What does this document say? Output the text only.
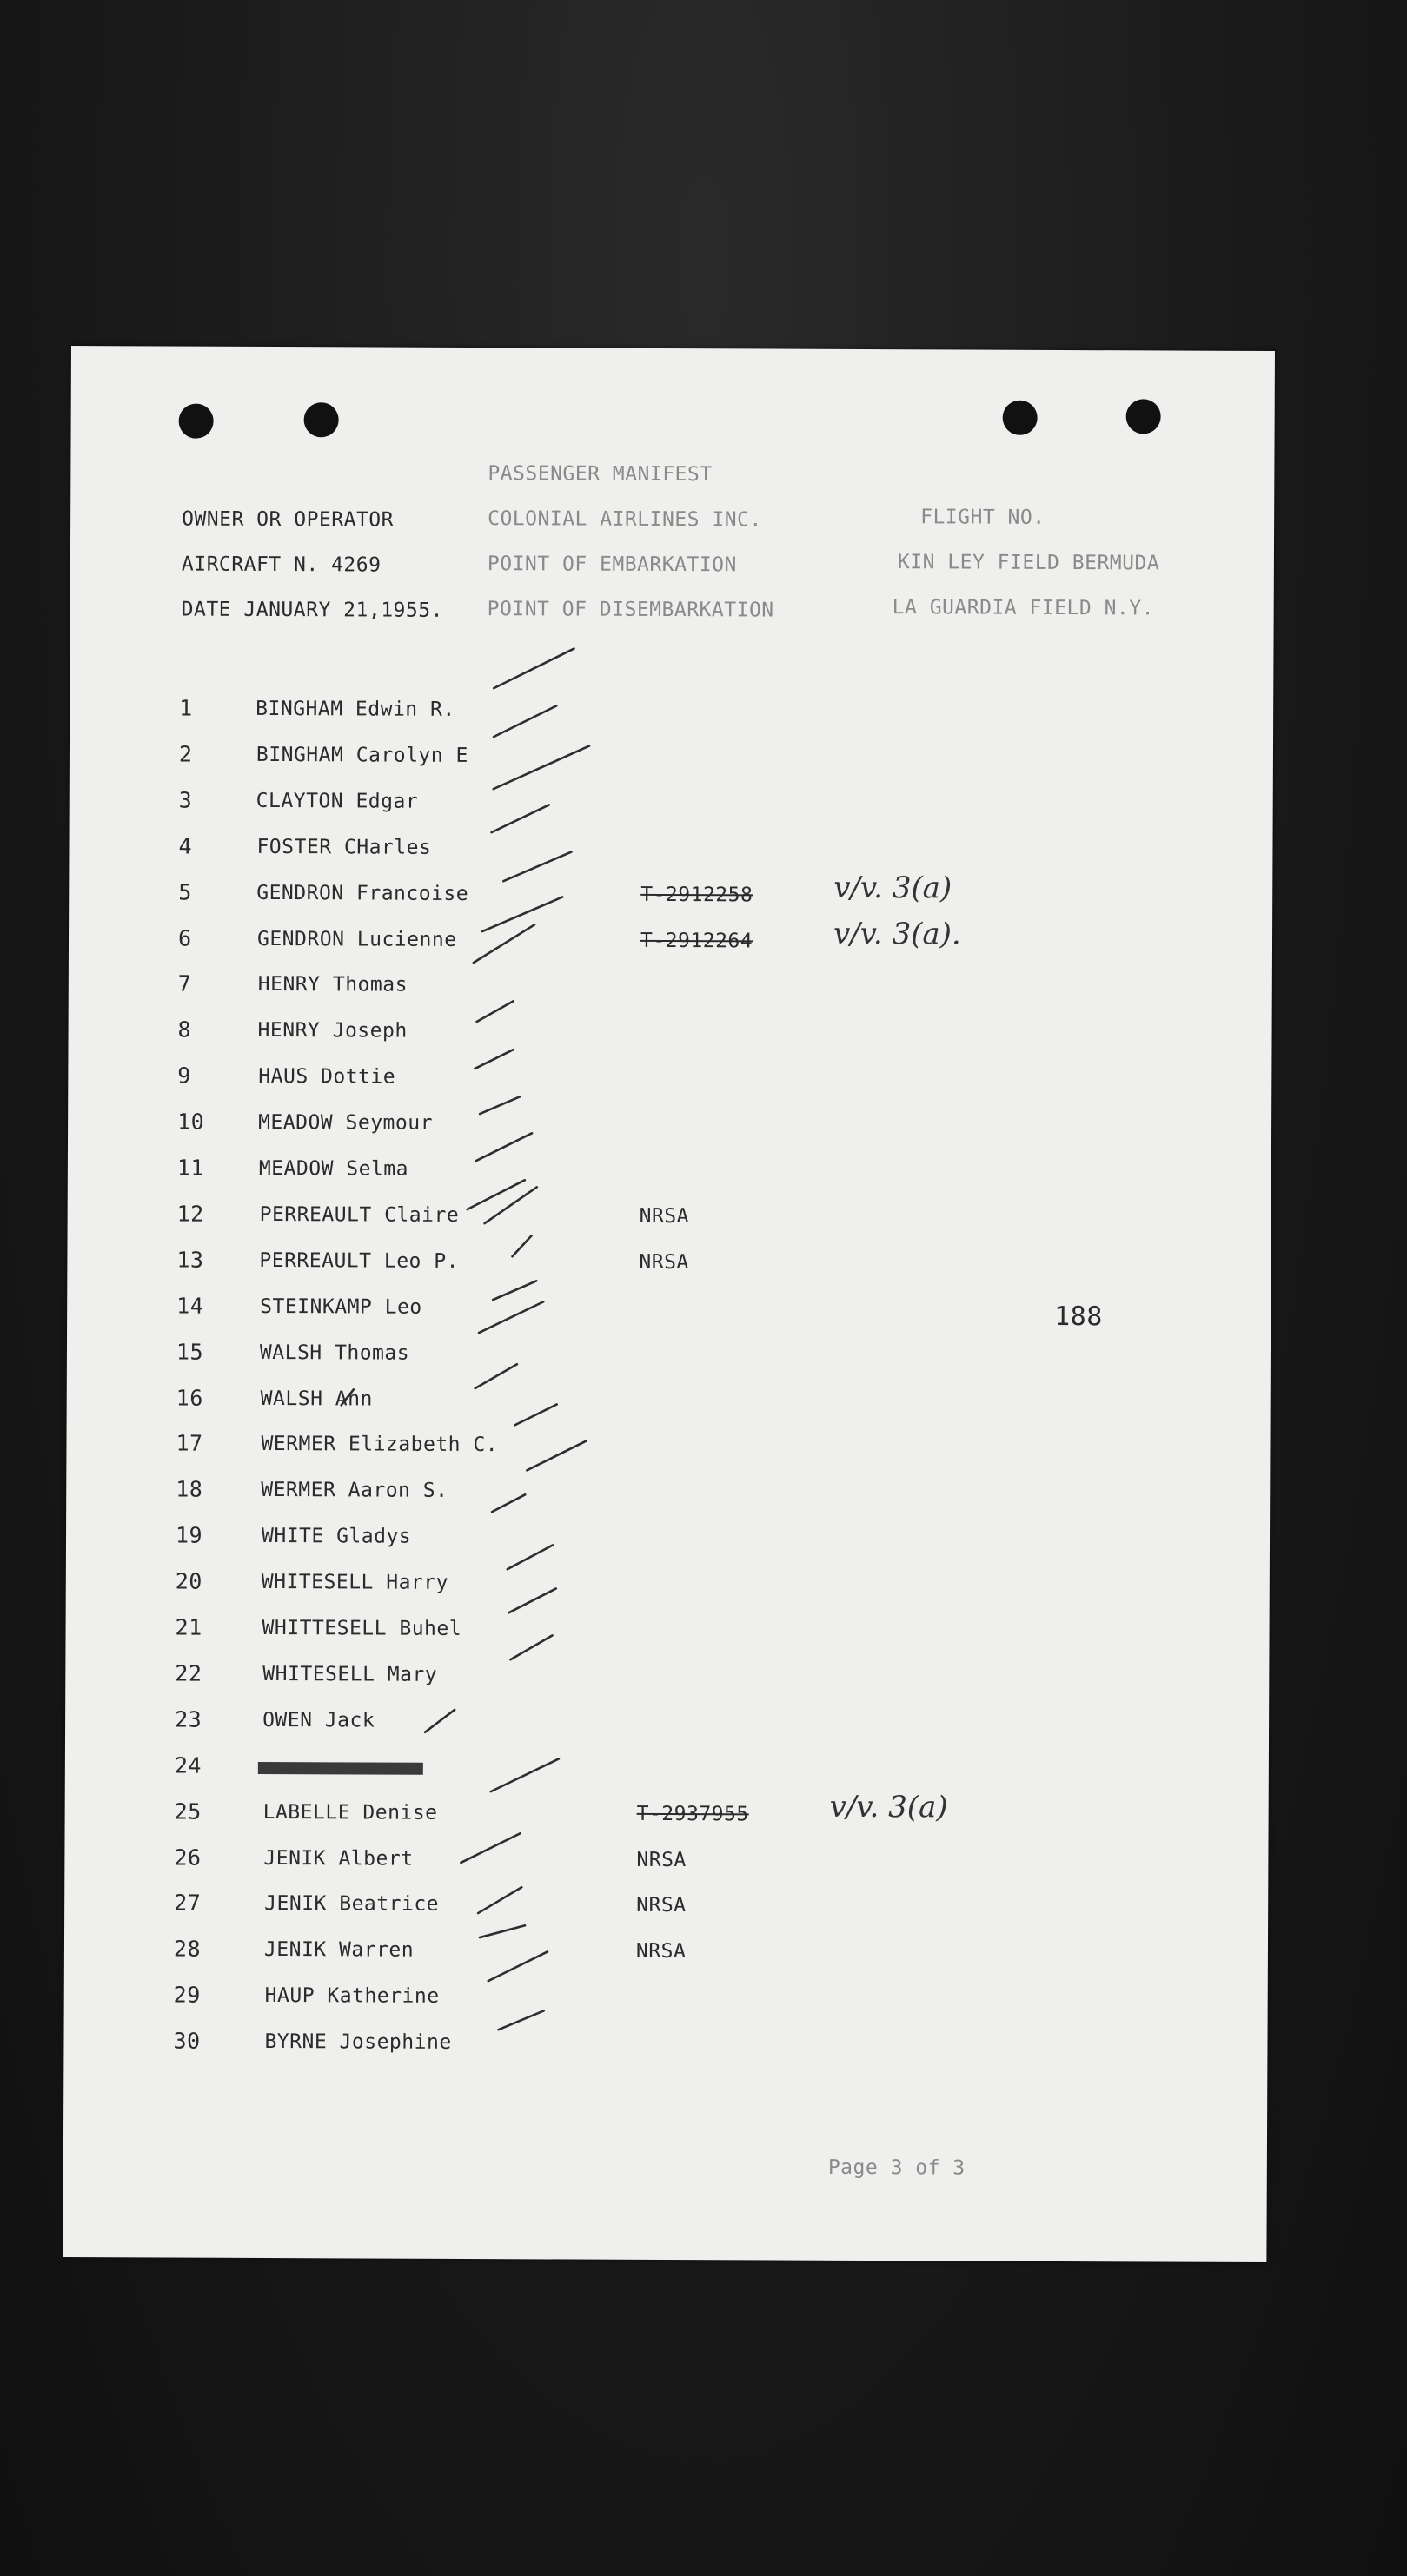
PASSENGER MANIFEST
OWNER OR OPERATOR	COLONIAL AIRLINES INC.	FLIGHT NO.
AIRCRAFT N. 4269	POINT OF EMBARKATION	KIN LEY FIELD BERMUDA
DATE JANUARY 21,1955. POINT OF DISEMBARKATION	LA GUARDIA FIELD N.Y.
1	BINGHAM Edwin R.
2	BINGHAM Carolyn E
3	CLAYTON Edgar
4	FOSTER CHarles
5	GENDRON Francoise	T-2912258	v/v. 3(a)
6	GENDRON Lucienne	T-2912264	v/v. 3(a).
7	HENRY Thomas
8	HENRY Joseph
9	HAUS Dottie
10	MEADOW Seymour
11	MEADOW Selma
12	PERREAULT Claire	NRSA
13	PERREAULT Leo P.	NRSA
14	STEINKAMP Leo
15	WALSH Thomas
16	WALSH Ann
17	WERMER Elizabeth C.
18	WERMER Aaron S.
19	WHITE Gladys
20	WHITESELL Harry
21	WHITTESELL Buhel
22	WHITESELL Mary
23	OWEN Jack
24
25	LABELLE Denise	T-2937955	v/v. 3(a)
26	JENIK Albert	NRSA
27	JENIK Beatrice	NRSA
28	JENIK Warren	NRSA
29	HAUP Katherine
30	BYRNE Josephine
188
Page 3 of 3
